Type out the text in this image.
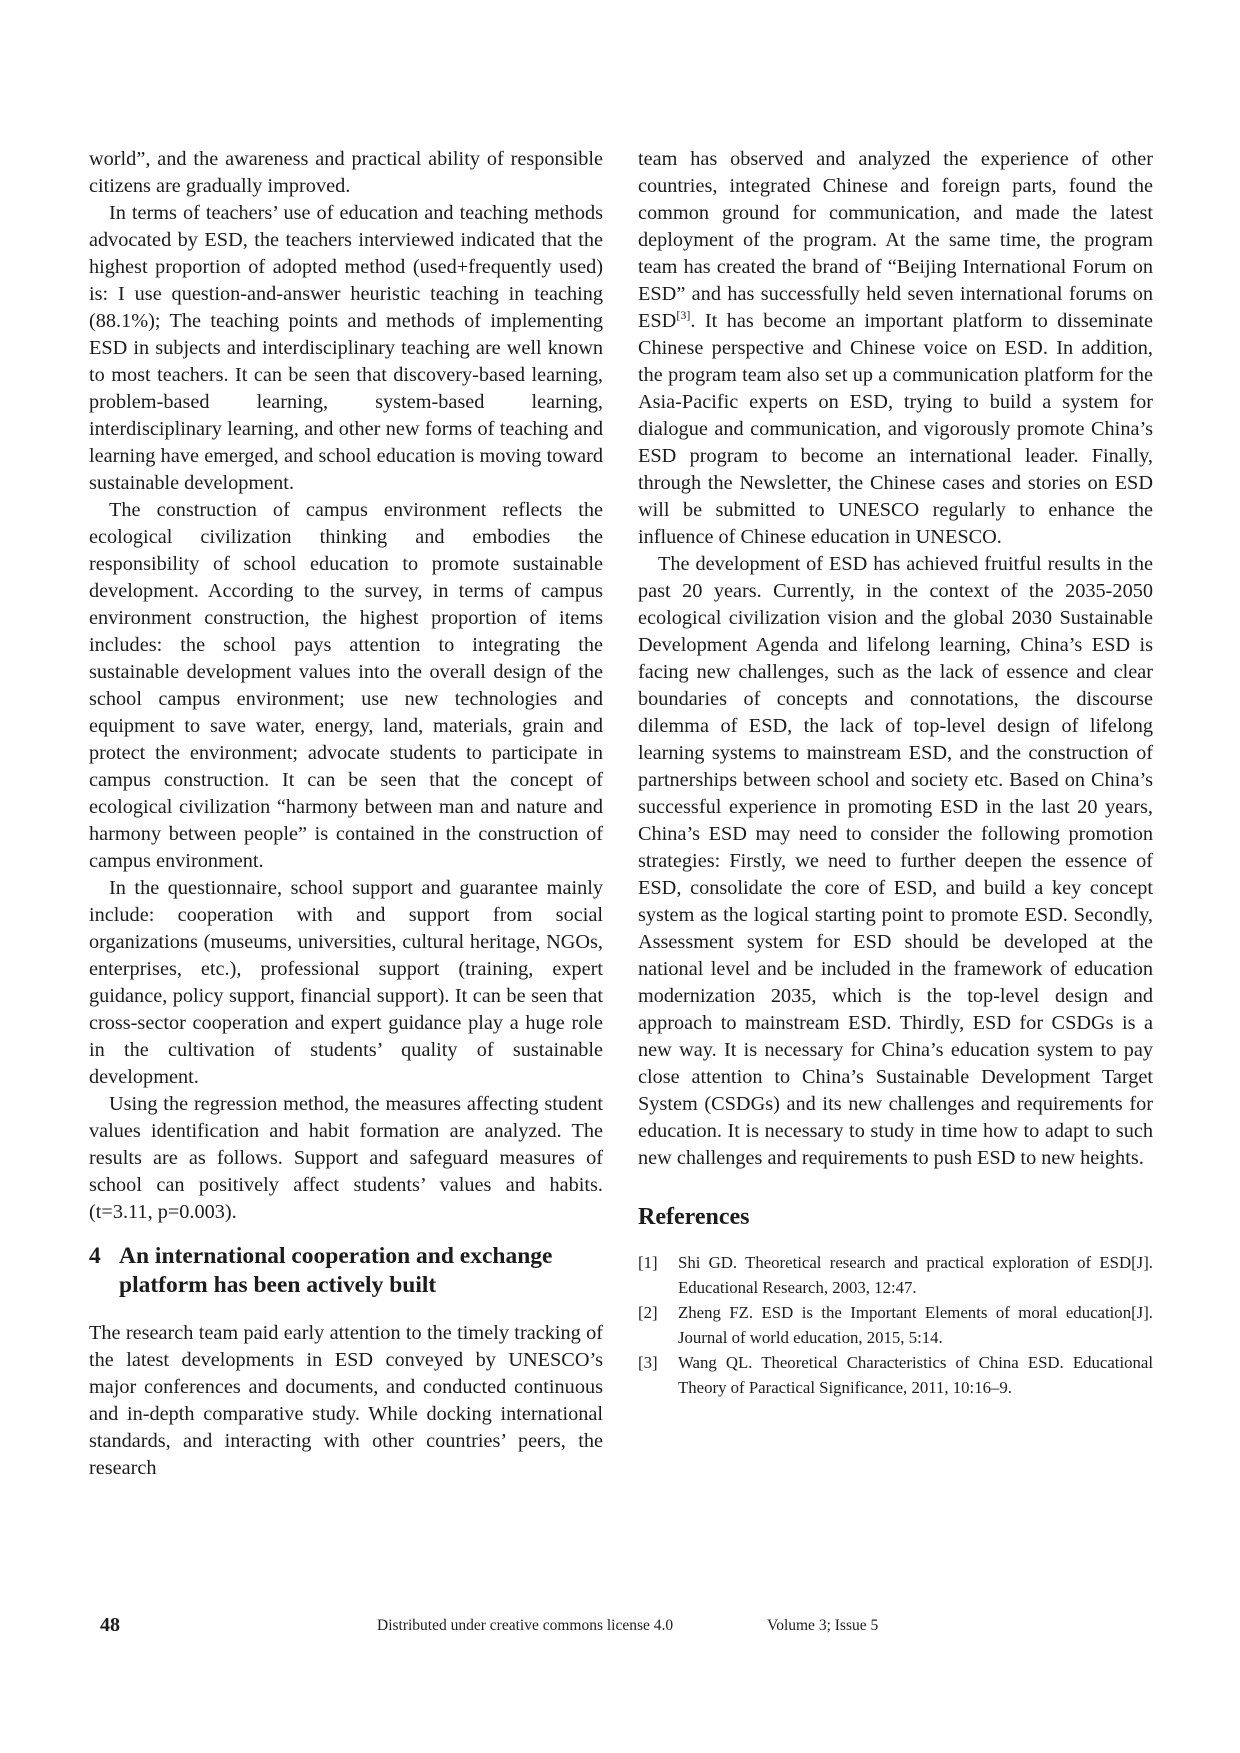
world”, and the awareness and practical ability of responsible citizens are gradually improved.

In terms of teachers’ use of education and teaching methods advocated by ESD, the teachers interviewed indicated that the highest proportion of adopted method (used+frequently used) is: I use question-and-answer heuristic teaching in teaching (88.1%); The teaching points and methods of implementing ESD in subjects and interdisciplinary teaching are well known to most teachers. It can be seen that discovery-based learning, problem-based learning, system-based learning, interdisciplinary learning, and other new forms of teaching and learning have emerged, and school education is moving toward sustainable development.

The construction of campus environment reflects the ecological civilization thinking and embodies the responsibility of school education to promote sustainable development. According to the survey, in terms of campus environment construction, the highest proportion of items includes: the school pays attention to integrating the sustainable development values into the overall design of the school campus environment; use new technologies and equipment to save water, energy, land, materials, grain and protect the environment; advocate students to participate in campus construction. It can be seen that the concept of ecological civilization “harmony between man and nature and harmony between people” is contained in the construction of campus environment.

In the questionnaire, school support and guarantee mainly include: cooperation with and support from social organizations (museums, universities, cultural heritage, NGOs, enterprises, etc.), professional support (training, expert guidance, policy support, financial support). It can be seen that cross-sector cooperation and expert guidance play a huge role in the cultivation of students’ quality of sustainable development.

Using the regression method, the measures affecting student values identification and habit formation are analyzed. The results are as follows. Support and safeguard measures of school can positively affect students’ values and habits. (t=3.11, p=0.003).

4 An international cooperation and exchange
platform has been actively built

The research team paid early attention to the timely tracking of the latest developments in ESD conveyed by UNESCO’s major conferences and documents, and conducted continuous and in-depth comparative study. While docking international standards, and interacting with other countries’ peers, the research

team has observed and analyzed the experience of other countries, integrated Chinese and foreign parts, found the common ground for communication, and made the latest deployment of the program. At the same time, the program team has created the brand of “Beijing International Forum on ESD” and has successfully held seven international forums on ESD[3]. It has become an important platform to disseminate Chinese perspective and Chinese voice on ESD. In addition, the program team also set up a communication platform for the Asia-Pacific experts on ESD, trying to build a system for dialogue and communication, and vigorously promote China’s ESD program to become an international leader. Finally, through the Newsletter, the Chinese cases and stories on ESD will be submitted to UNESCO regularly to enhance the influence of Chinese education in UNESCO.

The development of ESD has achieved fruitful results in the past 20 years. Currently, in the context of the 2035-2050 ecological civilization vision and the global 2030 Sustainable Development Agenda and lifelong learning, China’s ESD is facing new challenges, such as the lack of essence and clear boundaries of concepts and connotations, the discourse dilemma of ESD, the lack of top-level design of lifelong learning systems to mainstream ESD, and the construction of partnerships between school and society etc. Based on China’s successful experience in promoting ESD in the last 20 years, China’s ESD may need to consider the following promotion strategies: Firstly, we need to further deepen the essence of ESD, consolidate the core of ESD, and build a key concept system as the logical starting point to promote ESD. Secondly, Assessment system for ESD should be developed at the national level and be included in the framework of education modernization 2035, which is the top-level design and approach to mainstream ESD. Thirdly, ESD for CSDGs is a new way. It is necessary for China’s education system to pay close attention to China’s Sustainable Development Target System (CSDGs) and its new challenges and requirements for education. It is necessary to study in time how to adapt to such new challenges and requirements to push ESD to new heights.

References
[1]	Shi GD. Theoretical research and practical exploration of ESD[J]. Educational Research, 2003, 12:47.
[2]	Zheng FZ. ESD is the Important Elements of moral education[J]. Journal of world education, 2015, 5:14.
[3]	Wang QL. Theoretical Characteristics of China ESD. Educational Theory of Paractical Significance, 2011, 10:16–9.
48	Distributed under creative commons license 4.0	Volume 3; Issue 5
